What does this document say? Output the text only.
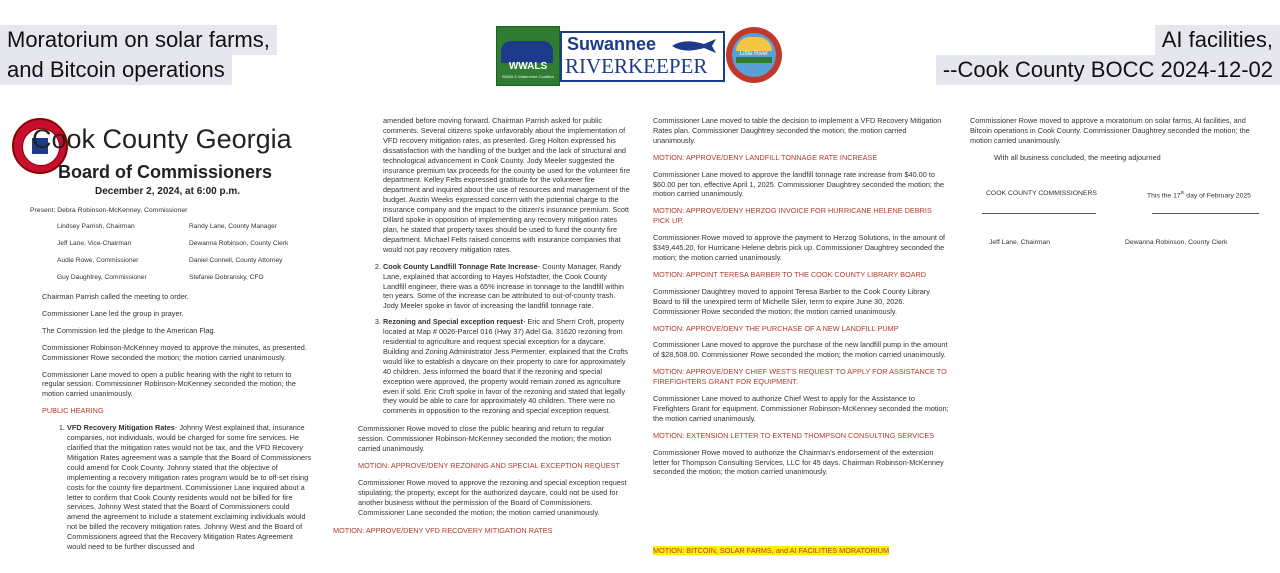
Moratorium on solar farms,
and Bitcoin operations
AI facilities,
--Cook County BOCC 2024-12-02
WWALS
WWALS Watershed Coalition
Suwannee
RIVERKEEPER	Little River
Cook County Georgia
Board of Commissioners
December 2, 2024, at 6:00 p.m.
Present: Debra Robinson-McKenney, Commissioner
Lindsey Parrish, Chairman	Randy Lane, County Manager
Jeff Lane, Vice-Chairman	Dewanna Robinson, County Clerk
Audie Rowe, Commissioner	Daniel Connell, County Attorney
Guy Daughtrey, Commissioner	Stefanie Dobransky, CFO

Chairman Parrish called the meeting to order.

Commissioner Lane led the group in prayer.

The Commission led the pledge to the American Flag.

Commissioner Robinson-McKenney moved to approve the minutes, as presented. Commissioner Rowe seconded the motion; the motion carried unanimously.

Commissioner Lane moved to open a public hearing with the right to return to regular session. Commissioner Robinson-McKenney seconded the motion; the motion carried unanimously.

PUBLIC HEARING

1. VFD Recovery Mitigation Rates- Johnny West explained that, insurance companies, not individuals, would be charged for some fire services. He clarified that the mitigation rates would not be tax, and the VFD Recovery Mitigation Rates agreement was a sample that the Board of Commissioners could amend for Cook County. Johnny stated that the objective of implementing a recovery mitigation rates program would be to off-set rising costs for the county fire department. Commissioner Lane inquired about a letter to confirm that Cook County residents would not be billed for fire services. Johnny West stated that the Board of Commissioners could amend the agreement to include a statement exclaiming individuals would not be billed the recovery mitigation rates. Johnny West and the Board of Commissioners agreed that the Recovery Mitigation Rates Agreement would need to be further discussed and

amended before moving forward. Chairman Parrish asked for public comments. Several citizens spoke unfavorably about the implementation of VFD recovery mitigation rates, as presented. Greg Holton expressed his dissatisfaction with the handling of the budget and the lack of structural and technological advancement in Cook County. Jody Meeler suggested the insurance premium tax proceeds for the county be used for the volunteer fire department. Kelley Felts expressed gratitude for the volunteer fire department and inquired about the use of resources and management of the budget. Austin Weeks expressed concern with the potential charge to the insurance company and the impact to the citizen's insurance premium. Scott Dillard spoke in opposition of implementing any recovery mitigation rates plan, he stated that property taxes should be used to fund the county fire department. Michael Felts raised concerns with insurance companies that would not pay recovery mitigation rates.

2. Cook County Landfill Tonnage Rate Increase- County Manager, Randy Lane, explained that according to Hayes Hofstadter, the Cook County Landfill engineer, there was a 65% increase in tonnage to the landfill within ten years. Some of the increase can be attributed to out-of-county trash. Jody Meeler spoke in favor of increasing the landfill tonnage rate.
3. Rezoning and Special exception request- Eric and Sherri Croft, property located at Map # 0026-Parcel 016 (Hwy 37) Adel Ga. 31620 rezoning from residential to agriculture and request special exception for a daycare. Building and Zoning Administrator Jess Permenter, explained that the Crofts would like to establish a daycare on their property to care for approximately 40 children. Jess informed the board that if the rezoning and special exception were approved, the property would remain zoned as agriculture even if sold. Eric Croft spoke in favor of the rezoning and stated that legally they would be able to care for approximately 40 children. There were no comments in opposition to the rezoning and special exception request.

Commissioner Rowe moved to close the public hearing and return to regular session. Commissioner Robinson-McKenney seconded the motion; the motion carried unanimously.

MOTION: APPROVE/DENY REZONING AND SPECIAL EXCEPTION REQUEST

Commissioner Rowe moved to approve the rezoning and special exception request stipulating; the property, except for the authorized daycare, could not be used for another business without the permission of the Board of Commissioners. Commissioner Lane seconded the motion; the motion carried unanimously.

MOTION: APPROVE/DENY VFD RECOVERY MITIGATION RATES

Commissioner Lane moved to table the decision to implement a VFD Recovery Mitigation Rates plan. Commissioner Daughtrey seconded the motion; the motion carried unanimously.

MOTION: APPROVE/DENY LANDFILL TONNAGE RATE INCREASE

Commissioner Lane moved to approve the landfill tonnage rate increase from $40.00 to $60.00 per ton, effective April 1, 2025. Commissioner Daughtrey seconded the motion; the motion carried unanimously.

MOTION: APPROVE/DENY HERZOG INVOICE FOR HURRICANE HELENE DEBRIS PICK UP.

Commissioner Rowe moved to approve the payment to Herzog Solutions, in the amount of $349,445.20, for Hurricane Helene debris pick up. Commissioner Daughtrey seconded the motion; the motion carried unanimously.

MOTION: APPOINT TERESA BARBER TO THE COOK COUNTY LIBRARY BOARD

Commissioner Daughtrey moved to appoint Teresa Barber to the Cook County Library Board to fill the unexpired term of Michelle Siler, term to expire June 30, 2026. Commissioner Rowe seconded the motion; the motion carried unanimously.

MOTION: APPROVE/DENY THE PURCHASE OF A NEW LANDFILL PUMP

Commissioner Lane moved to approve the purchase of the new landfill pump in the amount of $28,508.00. Commissioner Rowe seconded the motion; the motion carried unanimously.

MOTION: APPROVE/DENY CHIEF WEST'S REQUEST TO APPLY FOR ASSISTANCE TO FIREFIGHTERS GRANT FOR EQUIPMENT.

Commissioner Lane moved to authorize Chief West to apply for the Assistance to Firefighters Grant for equipment. Commissioner Robinson-McKenney seconded the motion; the motion carried unanimously.

MOTION: EXTENSION LETTER TO EXTEND THOMPSON CONSULTING SERVICES

Commissioner Rowe moved to authorize the Chairman's endorsement of the extension letter for Thompson Consulting Services, LLC for 45 days. Chairman Robinson-McKenney seconded the motion; the motion carried unanimously.

MOTION: BITCOIN, SOLAR FARMS, and AI FACILITIES MORATORIUM

Commissioner Rowe moved to approve a moratorium on solar farms, AI facilities, and Bitcoin operations in Cook County. Commissioner Daughtrey seconded the motion; the motion carried unanimously.

With all business concluded, the meeting adjourned

COOK COUNTY COMMISSIONERS	This the 17th day of February 2025
Jeff Lane, Chairman	Dewanna Robinson, County Clerk
